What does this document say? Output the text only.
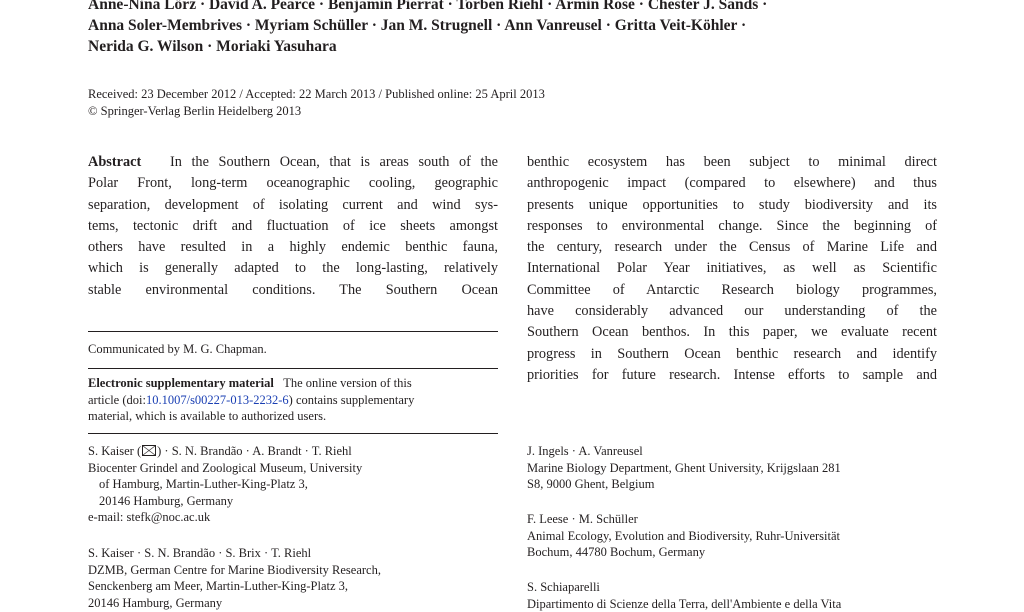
Anne-Nina Lörz · David A. Pearce · Benjamin Pierrat · Torben Riehl · Armin Rose · Chester J. Sands ·
Anna Soler-Membrives · Myriam Schüller · Jan M. Strugnell · Ann Vanreusel · Gritta Veit-Köhler ·
Nerida G. Wilson · Moriaki Yasuhara
Received: 23 December 2012 / Accepted: 22 March 2013 / Published online: 25 April 2013
© Springer-Verlag Berlin Heidelberg 2013
Abstract In the Southern Ocean, that is areas south of the
Polar Front, long-term oceanographic cooling, geographic
separation, development of isolating current and wind sys-
tems, tectonic drift and fluctuation of ice sheets amongst
others have resulted in a highly endemic benthic fauna,
which is generally adapted to the long-lasting, relatively
stable environmental conditions. The Southern Ocean
benthic ecosystem has been subject to minimal direct
anthropogenic impact (compared to elsewhere) and thus
presents unique opportunities to study biodiversity and its
responses to environmental change. Since the beginning of
the century, research under the Census of Marine Life and
International Polar Year initiatives, as well as Scientific
Committee of Antarctic Research biology programmes,
have considerably advanced our understanding of the
Southern Ocean benthos. In this paper, we evaluate recent
progress in Southern Ocean benthic research and identify
priorities for future research. Intense efforts to sample and
Communicated by M. G. Chapman.
Electronic supplementary material The online version of this
article (doi:10.1007/s00227-013-2232-6) contains supplementary
material, which is available to authorized users.
S. Kaiser ( ) · S. N. Brandão · A. Brandt · T. Riehl
Biocenter Grindel and Zoological Museum, University
of Hamburg, Martin-Luther-King-Platz 3,
20146 Hamburg, Germany
e-mail: stefk@noc.ac.uk
S. Kaiser · S. N. Brandão · S. Brix · T. Riehl
DZMB, German Centre for Marine Biodiversity Research,
Senckenberg am Meer, Martin-Luther-King-Platz 3,
20146 Hamburg, Germany
J. Ingels · A. Vanreusel
Marine Biology Department, Ghent University, Krijgslaan 281
S8, 9000 Ghent, Belgium
F. Leese · M. Schüller
Animal Ecology, Evolution and Biodiversity, Ruhr-Universität
Bochum, 44780 Bochum, Germany
S. Schiaparelli
Dipartimento di Scienze della Terra, dell'Ambiente e della Vita
